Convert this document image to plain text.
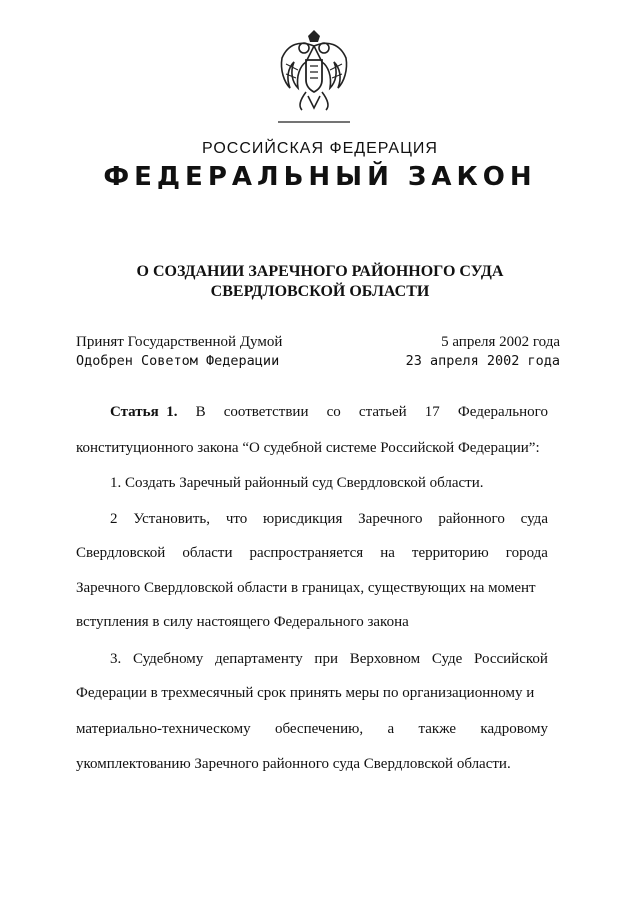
РОССИЙСКАЯ ФЕДЕРАЦИЯ
ФЕДЕРАЛЬНЫЙ ЗАКОН
О СОЗДАНИИ ЗАРЕЧНОГО РАЙОННОГО СУДА
СВЕРДЛОВСКОЙ ОБЛАСТИ
Принят Государственной Думой	5 апреля 2002 года
Одобрен Советом Федерации	23 апреля 2002 года
Статья 1. В соответствии со статьей 17 Федерального
конституционного закона “О судебной системе Российской Федерации”:
1. Создать Заречный районный суд Свердловской области.
2 Установить, что юрисдикция Заречного районного суда
Свердловской области распространяется на территорию города
Заречного Свердловской области в границах, существующих на момент
вступления в силу настоящего Федерального закона
3. Судебному департаменту при Верховном Суде Российской
Федерации в трехмесячный срок принять меры по организационному и
материально-техническому обеспечению, а также кадровому
укомплектованию Заречного районного суда Свердловской области.
